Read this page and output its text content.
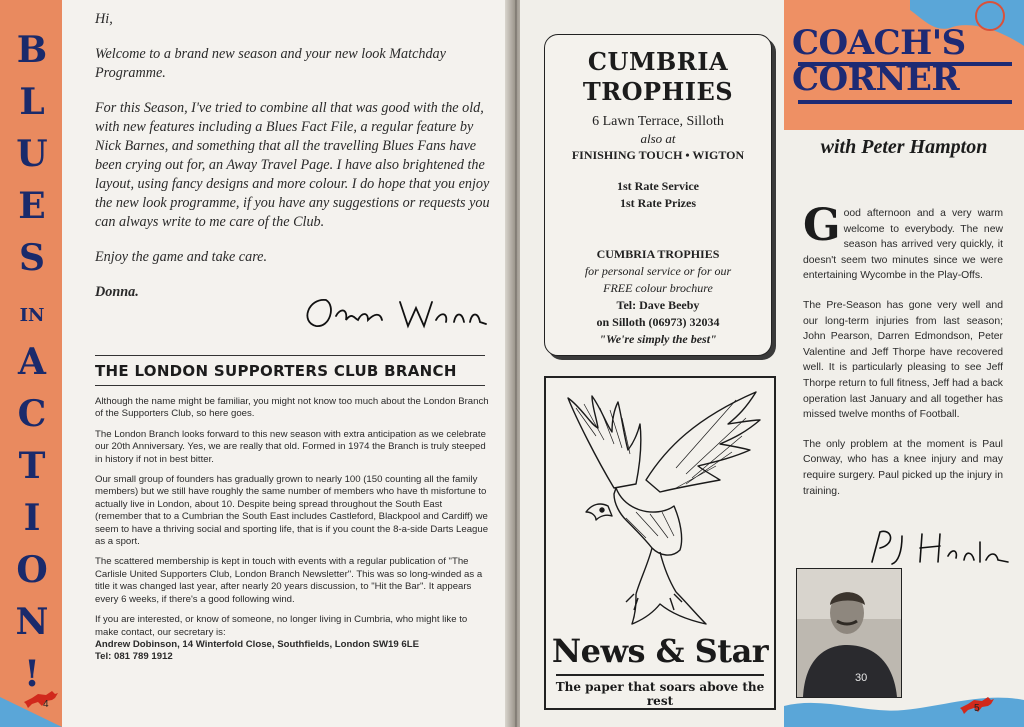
B
L
U
E
S
IN
A
C
T
I
O
N
!
4

Hi,

Welcome to a brand new season and your new look Matchday Programme.

For this Season, I've tried to combine all that was good with the old, with new features including a Blues Fact File, a regular feature by Nick Barnes, and something that all the travelling Blues Fans have been crying out for, an Away Travel Page. I have also brightened the layout, using fancy designs and more colour. I do hope that you enjoy the new look programme, if you have any suggestions or requests you can always write to me care of the Club.

Enjoy the game and take care.

Donna.

THE LONDON SUPPORTERS CLUB BRANCH

Although the name might be familiar, you might not know too much about the London Branch of the Supporters Club, so here goes.

The London Branch looks forward to this new season with extra anticipation as we celebrate our 20th Anniversary. Yes, we are really that old. Formed in 1974 the Branch is truly steeped in history if not in best bitter.

Our small group of founders has gradually grown to nearly 100 (150 counting all the family members) but we still have roughly the same number of members who have th misfortune to actually live in London, about 10. Despite being spread throughout the South East (remember that to a Cumbrian the South East includes Castleford, Blackpool and Cardiff) we seem to have a thriving social and sporting life, that is if you count the 8-a-side Darts League as a sport.

The scattered membership is kept in touch with events with a regular publication of "The Carlisle United Supporters Club, London Branch Newsletter". This was so long-winded as a title it was changed last year, after nearly 20 years discussion, to "Hit the Bar". It appears every 6 weeks, if there's a good following wind.

If you are interested, or know of someone, no longer living in Cumbria, who might like to make contact, our secretary is:

Andrew Dobinson, 14 Winterfold Close, Southfields, London SW19 6LE
Tel: 081 789 1912
CUMBRIA
TROPHIES
6 Lawn Terrace, Silloth
also at
FINISHING TOUCH • WIGTON
1st Rate Service
1st Rate Prizes
CUMBRIA TROPHIES
for personal service or for our
FREE colour brochure
Tel: Dave Beeby
on Silloth (06973) 32034
"We're simply the best"
News & Star
The paper that soars above the rest
COACH'S
CORNER
with Peter Hampton

Good afternoon and a very warm welcome to everybody. The new season has arrived very quickly, it doesn't seem two minutes since we were entertaining Wycombe in the Play-Offs.

The Pre-Season has gone very well and our long-term injuries from last season; John Pearson, Darren Edmondson, Peter Valentine and Jeff Thorpe have recovered well. It is particularly pleasing to see Jeff Thorpe return to full fitness, Jeff had a back operation last January and all together has missed twelve months of Football.

The only problem at the moment is Paul Conway, who has a knee injury and may require surgery. Paul picked up the injury in training.

30
5
